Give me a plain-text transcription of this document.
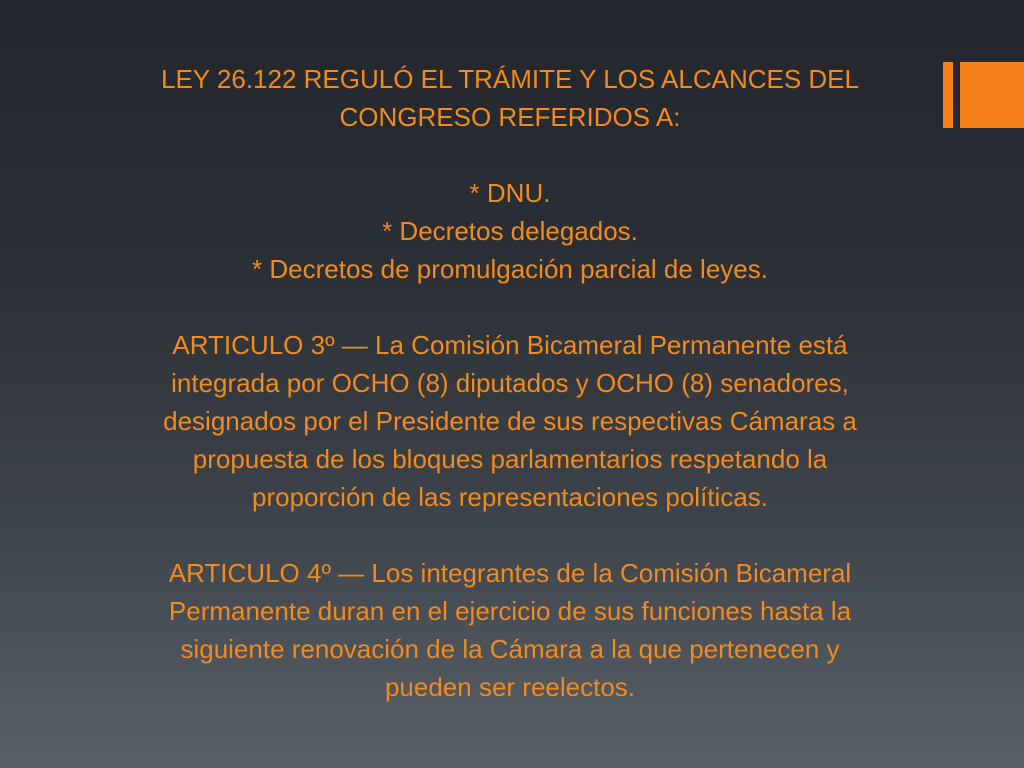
LEY 26.122 REGULÓ EL TRÁMITE Y LOS ALCANCES DEL

CONGRESO REFERIDOS A:

* DNU.

* Decretos delegados.

* Decretos de promulgación parcial de leyes.

ARTICULO 3º — La Comisión Bicameral Permanente está

integrada por OCHO (8) diputados y OCHO (8) senadores,

designados por el Presidente de sus respectivas Cámaras a

propuesta de los bloques parlamentarios respetando la

proporción de las representaciones políticas.

ARTICULO 4º — Los integrantes de la Comisión Bicameral

Permanente duran en el ejercicio de sus funciones hasta la

siguiente renovación de la Cámara a la que pertenecen y

pueden ser reelectos.
